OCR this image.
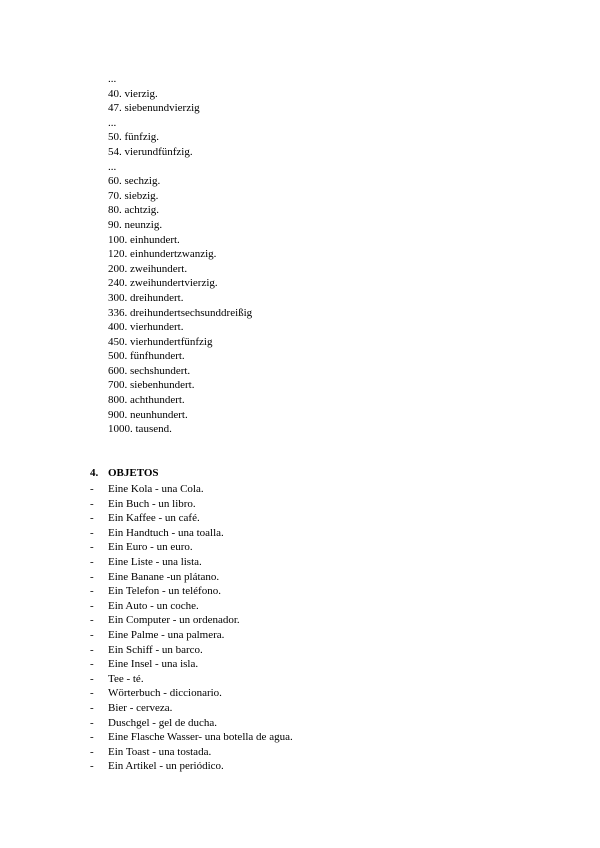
...
40. vierzig.
47. siebenundvierzig
...
50. fünfzig.
54. vierundfünfzig.
...
60. sechzig.
70. siebzig.
80. achtzig.
90. neunzig.
100. einhundert.
120. einhundertzwanzig.
200. zweihundert.
240. zweihundertvierzig.
300. dreihundert.
336. dreihundertsechsunddreißig
400. vierhundert.
450. vierhundertfünfzig
500. fünfhundert.
600. sechshundert.
700. siebenhundert.
800. achthundert.
900. neunhundert.
1000. tausend.
4. OBJETOS
- Eine Kola - una Cola.
- Ein Buch - un libro.
- Ein Kaffee - un café.
- Ein Handtuch - una toalla.
- Ein Euro - un euro.
- Eine Liste - una lista.
- Eine Banane -un plátano.
- Ein Telefon - un teléfono.
- Ein Auto - un coche.
- Ein Computer - un ordenador.
- Eine Palme - una palmera.
- Ein Schiff - un barco.
- Eine Insel - una isla.
- Tee - té.
- Wörterbuch - diccionario.
- Bier - cerveza.
- Duschgel - gel de ducha.
- Eine Flasche Wasser- una botella de agua.
- Ein Toast - una tostada.
- Ein Artikel - un periódico.
